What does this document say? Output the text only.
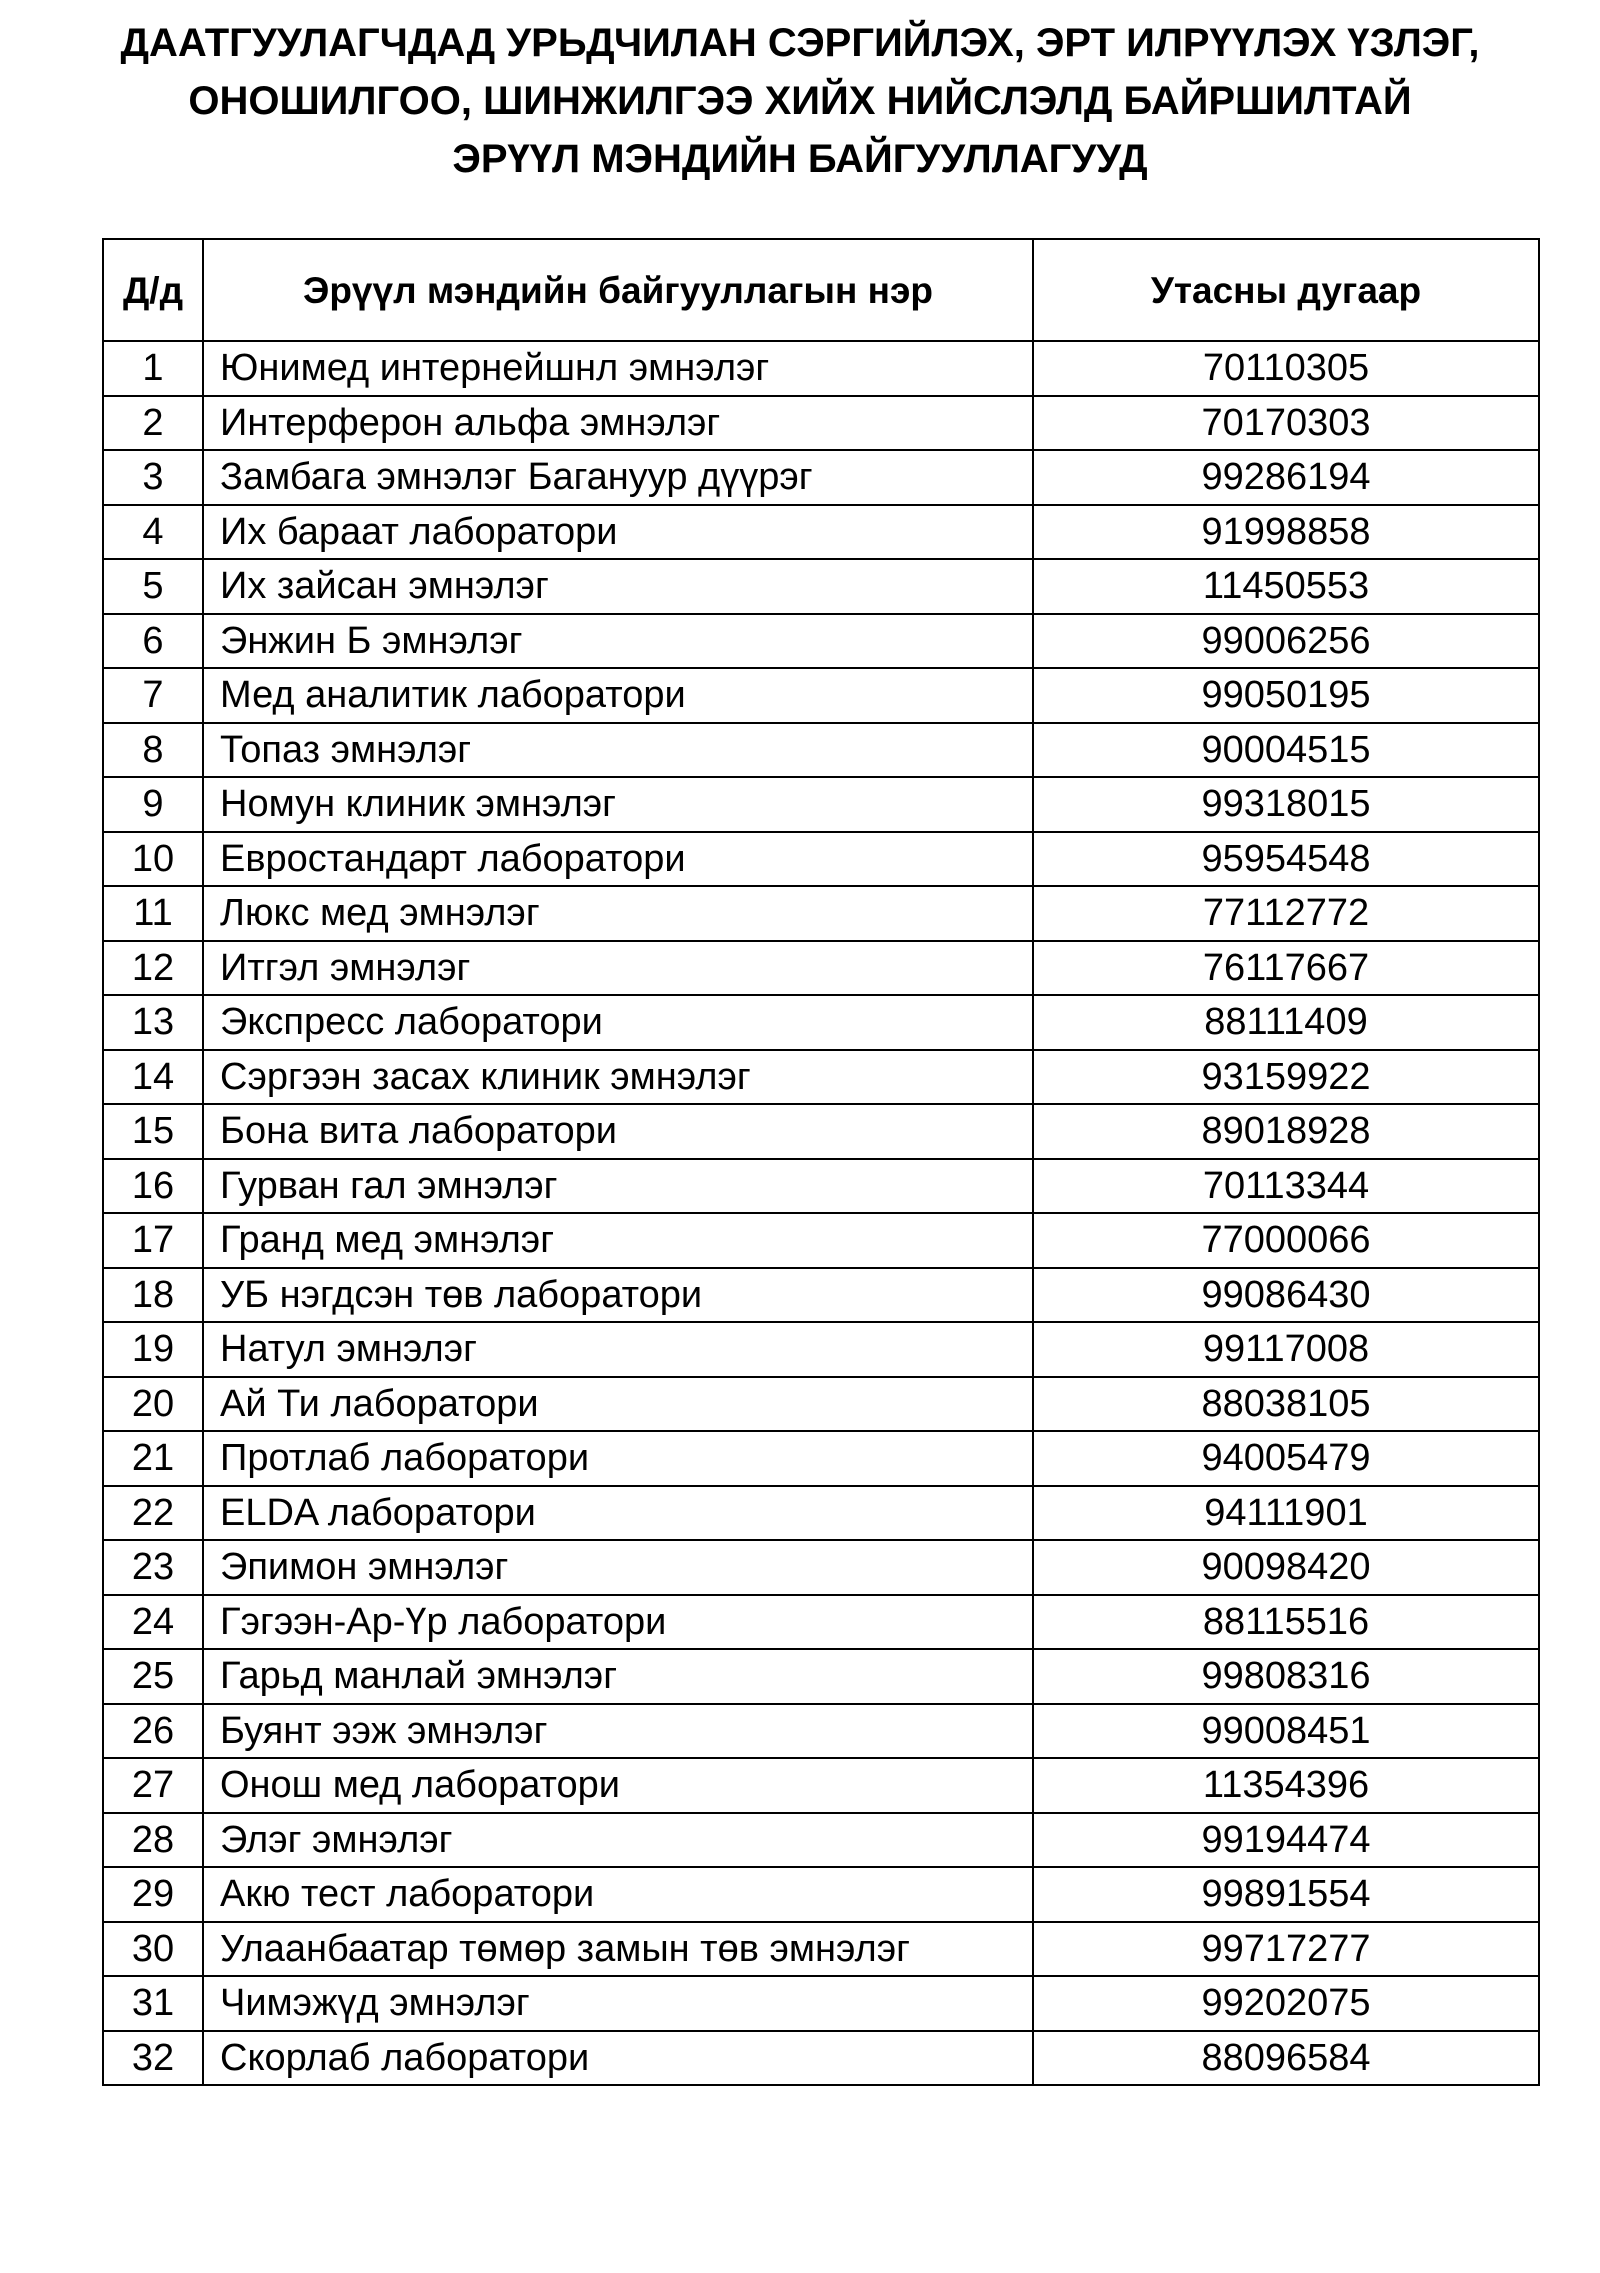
ДААТГУУЛАГЧДАД УРЬДЧИЛАН СЭРГИЙЛЭХ, ЭРТ ИЛРҮҮЛЭХ ҮЗЛЭГ,
ОНОШИЛГОО, ШИНЖИЛГЭЭ ХИЙХ НИЙСЛЭЛД БАЙРШИЛТАЙ
ЭРҮҮЛ МЭНДИЙН БАЙГУУЛЛАГУУД
Д/д	Эрүүл мэндийн байгууллагын нэр	Утасны дугаар
1	Юнимед интернейшнл эмнэлэг	70110305
2	Интерферон альфа эмнэлэг	70170303
3	Замбага эмнэлэг Багануур дүүрэг	99286194
4	Их бараат лаборатори	91998858
5	Их зайсан эмнэлэг	11450553
6	Энжин Б эмнэлэг	99006256
7	Мед аналитик лаборатори	99050195
8	Топаз эмнэлэг	90004515
9	Номун клиник эмнэлэг	99318015
10	Евростандарт лаборатори	95954548
11	Люкс мед эмнэлэг	77112772
12	Итгэл эмнэлэг	76117667
13	Экспресс лаборатори	88111409
14	Сэргээн засах клиник эмнэлэг	93159922
15	Бона вита лаборатори	89018928
16	Гурван гал эмнэлэг	70113344
17	Гранд мед эмнэлэг	77000066
18	УБ нэгдсэн төв лаборатори	99086430
19	Натул эмнэлэг	99117008
20	Ай Ти лаборатори	88038105
21	Протлаб лаборатори	94005479
22	ELDA лаборатори	94111901
23	Эпимон эмнэлэг	90098420
24	Гэгээн-Ар-Үр лаборатори	88115516
25	Гарьд манлай эмнэлэг	99808316
26	Буянт ээж эмнэлэг	99008451
27	Онош мед лаборатори	11354396
28	Элэг эмнэлэг	99194474
29	Акю тест лаборатори	99891554
30	Улаанбаатар төмөр замын төв эмнэлэг	99717277
31	Чимэжүд эмнэлэг	99202075
32	Скорлаб лаборатори	88096584
